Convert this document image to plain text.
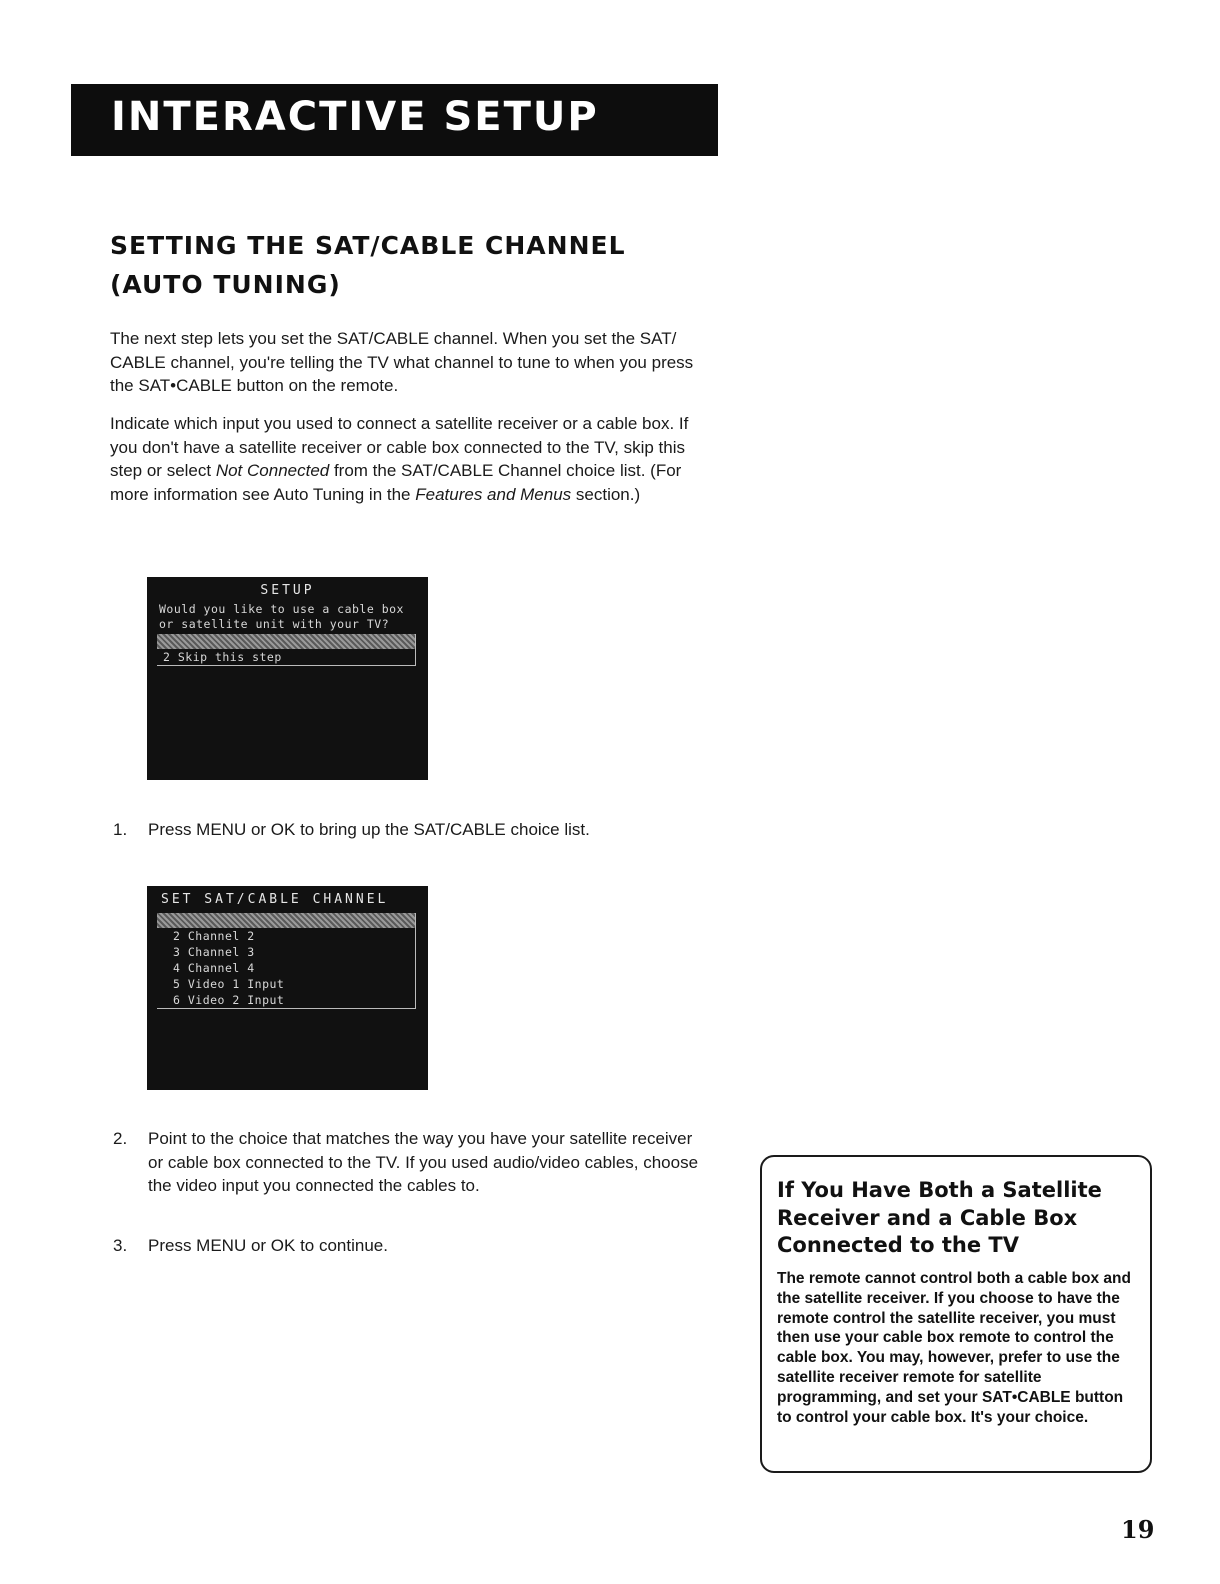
INTERACTIVE SETUP
SETTING THE SAT/CABLE CHANNEL
(AUTO TUNING)
The next step lets you set the SAT/CABLE channel. When you set the SAT/ CABLE channel, you're telling the TV what channel to tune to when you press the SAT•CABLE button on the remote.
Indicate which input you used to connect a satellite receiver or a cable box. If you don't have a satellite receiver or cable box connected to the TV, skip this step or select Not Connected from the SAT/CABLE Channel choice list. (For more information see Auto Tuning in the Features and Menus section.)
SETUP
Would you like to use a cable box or satellite unit with your TV?
2 Skip this step
1.	Press MENU or OK to bring up the SAT/CABLE choice list.
SET SAT/CABLE CHANNEL
2 Channel 2
3 Channel 3
4 Channel 4
5 Video 1 Input
6 Video 2 Input
2.	Point to the choice that matches the way you have your satellite receiver or cable box connected to the TV. If you used audio/video cables, choose the video input you connected the cables to.
3.	Press MENU or OK to continue.
If You Have Both a Satellite Receiver and a Cable Box Connected to the TV
The remote cannot control both a cable box and the satellite receiver. If you choose to have the remote control the satellite receiver, you must then use your cable box remote to control the cable box. You may, however, prefer to use the satellite receiver remote for satellite programming, and set your SAT•CABLE button to control your cable box. It's your choice.
19
